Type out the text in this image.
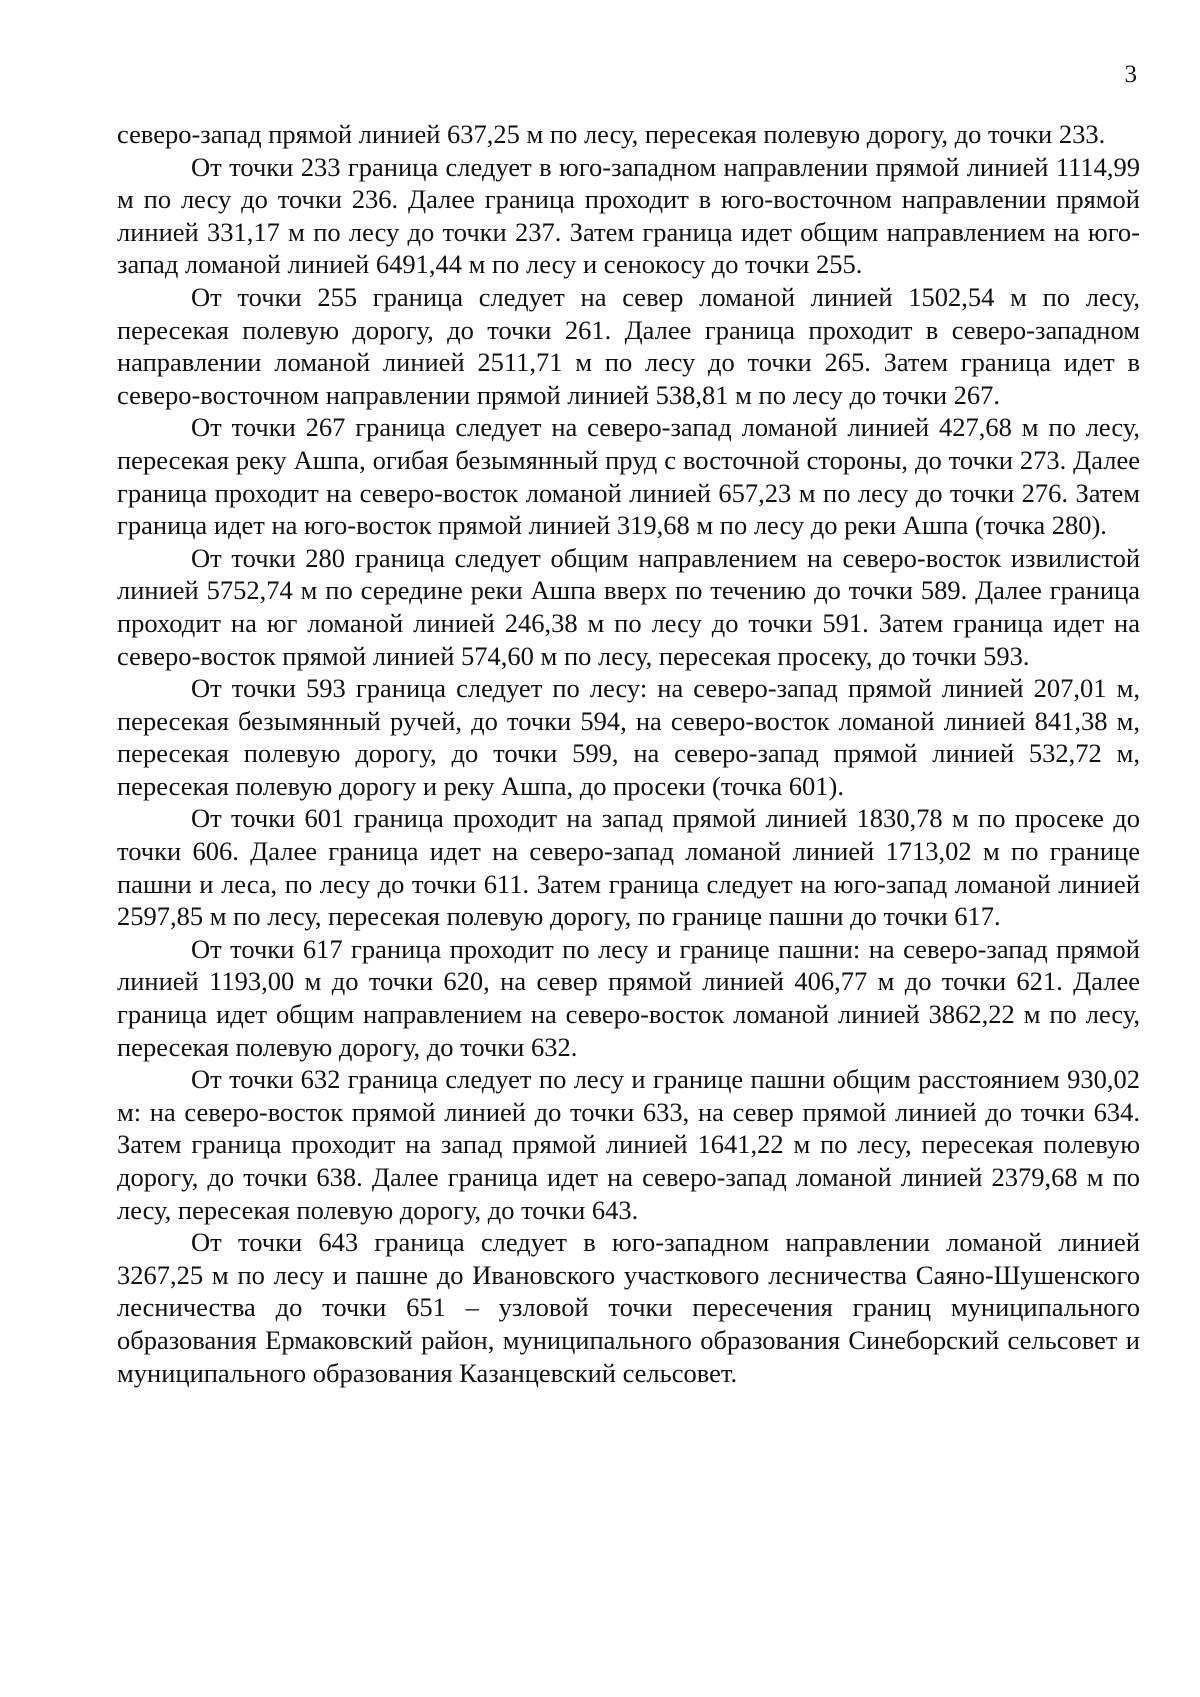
3

северо-запад прямой линией 637,25 м по лесу, пересекая полевую дорогу, до точки 233.

От точки 233 граница следует в юго-западном направлении прямой линией 1114,99 м по лесу до точки 236. Далее граница проходит в юго-восточном направлении прямой линией 331,17 м по лесу до точки 237. Затем граница идет общим направлением на юго-запад ломаной линией 6491,44 м по лесу и сенокосу до точки 255.

От точки 255 граница следует на север ломаной линией 1502,54 м по лесу, пересекая полевую дорогу, до точки 261. Далее граница проходит в северо-западном направлении ломаной линией 2511,71 м по лесу до точки 265. Затем граница идет в северо-восточном направлении прямой линией 538,81 м по лесу до точки 267.

От точки 267 граница следует на северо-запад ломаной линией 427,68 м по лесу, пересекая реку Ашпа, огибая безымянный пруд с восточной стороны, до точки 273. Далее граница проходит на северо-восток ломаной линией 657,23 м по лесу до точки 276. Затем граница идет на юго-восток прямой линией 319,68 м по лесу до реки Ашпа (точка 280).

От точки 280 граница следует общим направлением на северо-восток извилистой линией 5752,74 м по середине реки Ашпа вверх по течению до точки 589. Далее граница проходит на юг ломаной линией 246,38 м по лесу до точки 591. Затем граница идет на северо-восток прямой линией 574,60 м по лесу, пересекая просеку, до точки 593.

От точки 593 граница следует по лесу: на северо-запад прямой линией 207,01 м, пересекая безымянный ручей, до точки 594, на северо-восток ломаной линией 841,38 м, пересекая полевую дорогу, до точки 599, на северо-запад прямой линией 532,72 м, пересекая полевую дорогу и реку Ашпа, до просеки (точка 601).

От точки 601 граница проходит на запад прямой линией 1830,78 м по просеке до точки 606. Далее граница идет на северо-запад ломаной линией 1713,02 м по границе пашни и леса, по лесу до точки 611. Затем граница следует на юго-запад ломаной линией 2597,85 м по лесу, пересекая полевую дорогу, по границе пашни до точки 617.

От точки 617 граница проходит по лесу и границе пашни: на северо-запад прямой линией 1193,00 м до точки 620, на север прямой линией 406,77 м до точки 621. Далее граница идет общим направлением на северо-восток ломаной линией 3862,22 м по лесу, пересекая полевую дорогу, до точки 632.

От точки 632 граница следует по лесу и границе пашни общим расстоянием 930,02 м: на северо-восток прямой линией до точки 633, на север прямой линией до точки 634. Затем граница проходит на запад прямой линией 1641,22 м по лесу, пересекая полевую дорогу, до точки 638. Далее граница идет на северо-запад ломаной линией 2379,68 м по лесу, пересекая полевую дорогу, до точки 643.

От точки 643 граница следует в юго-западном направлении ломаной линией 3267,25 м по лесу и пашне до Ивановского участкового лесничества Саяно-Шушенского лесничества до точки 651 – узловой точки пересечения границ муниципального образования Ермаковский район, муниципального образования Синеборский сельсовет и муниципального образования Казанцевский сельсовет.
